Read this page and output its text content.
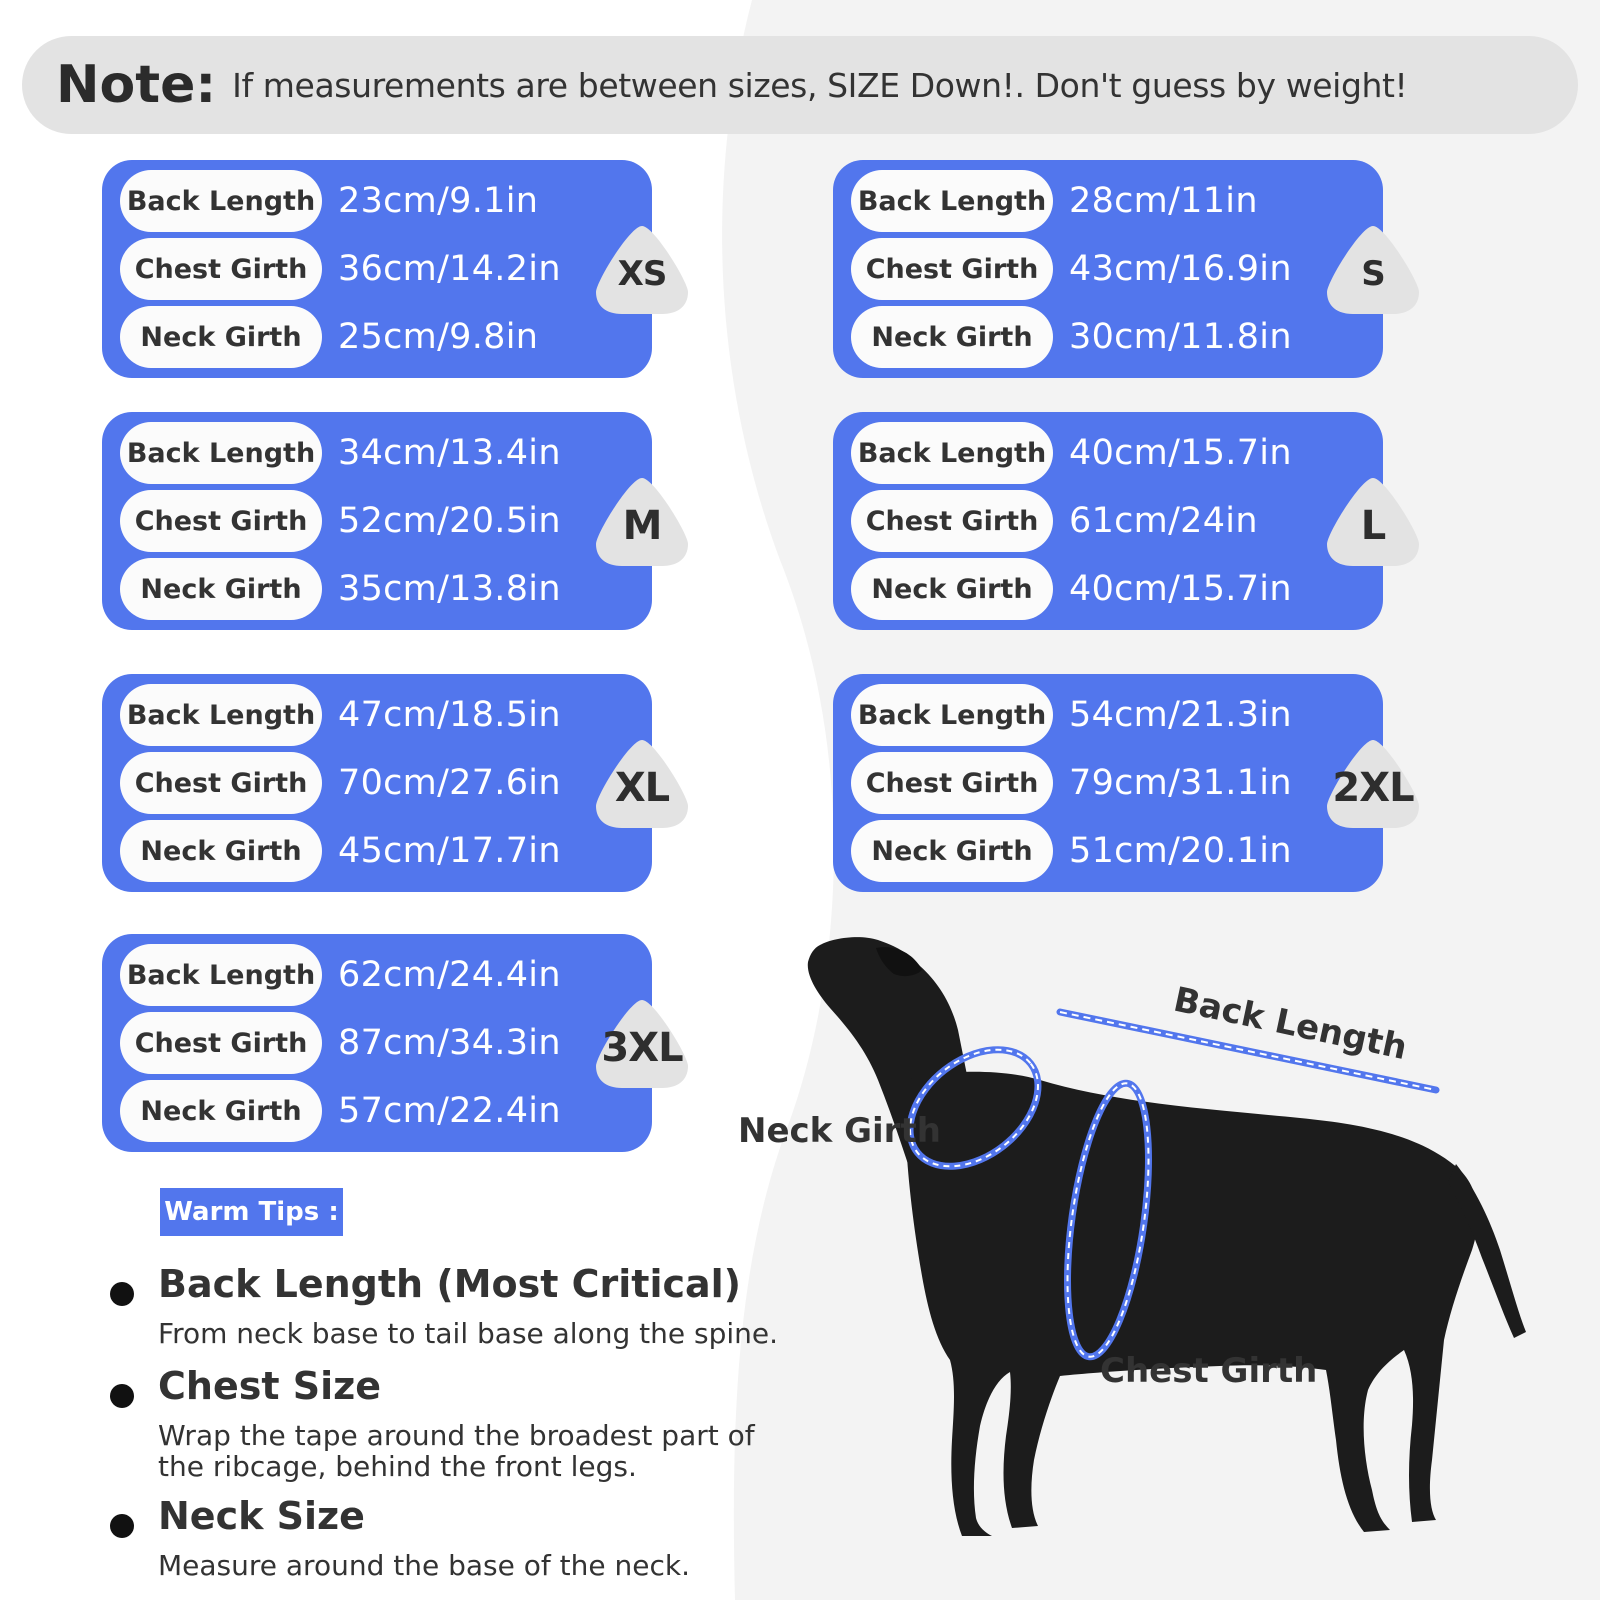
Note: If measurements are between sizes, SIZE Down!. Don't guess by weight!
Back Length 23cm/9.1in
Chest Girth 36cm/14.2in
Neck Girth	25cm/9.8in
XS
Back Length 28cm/11in
Chest Girth 43cm/16.9in
Neck Girth	30cm/11.8in
S
Back Length 34cm/13.4in
Chest Girth 52cm/20.5in
Neck Girth	35cm/13.8in
M
Back Length 40cm/15.7in
Chest Girth 61cm/24in
Neck Girth	40cm/15.7in
L
Back Length 47cm/18.5in
Chest Girth 70cm/27.6in
Neck Girth	45cm/17.7in
XL
Back Length 54cm/21.3in
Chest Girth 79cm/31.1in
Neck Girth	51cm/20.1in
2XL
Back Length 62cm/24.4in
Chest Girth 87cm/34.3in
Neck Girth	57cm/22.4in
3XL
Warm Tips :
Back Length (Most Critical)
From neck base to tail base along the spine.
Chest Size
Wrap the tape around the broadest part of the ribcage, behind the front legs.
Neck Size
Measure around the base of the neck.
Back Length
Neck Girth
Chest Girth
